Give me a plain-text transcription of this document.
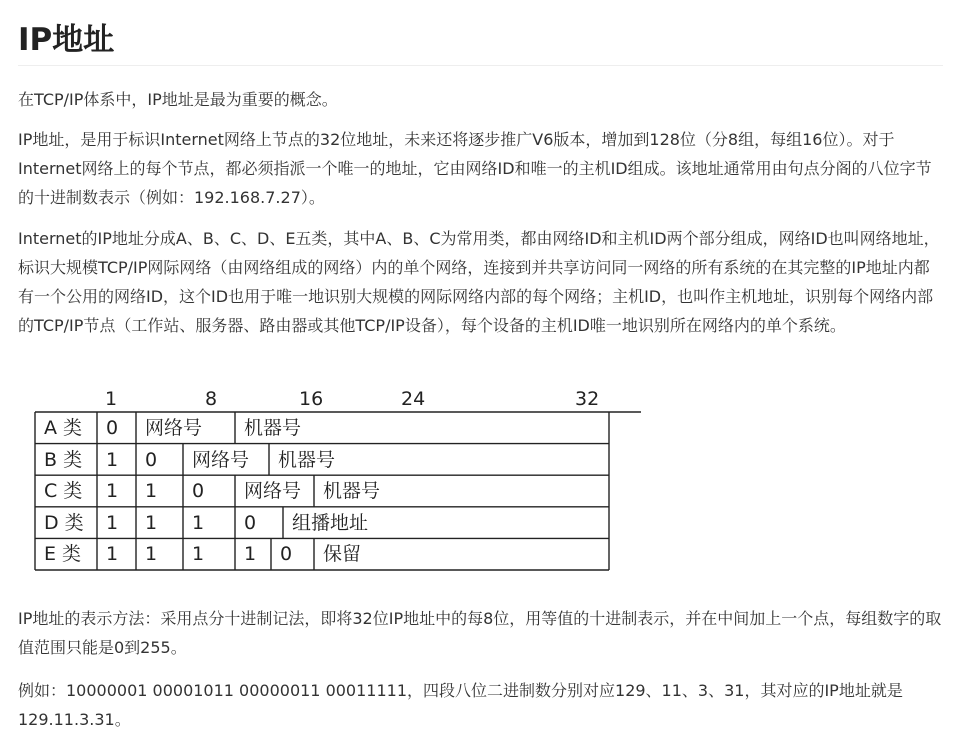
IP地址

在TCP/IP体系中，IP地址是最为重要的概念。

IP地址，是用于标识Internet网络上节点的32位地址，未来还将逐步推广V6版本，增加到128位（分8组，每组16位）。对于Internet网络上的每个节点，都必须指派一个唯一的地址，它由网络ID和唯一的主机ID组成。该地址通常用由句点分阁的八位字节的十进制数表示（例如：192.168.7.27）。

Internet的IP地址分成A、B、C、D、E五类，其中A、B、C为常用类，都由网络ID和主机ID两个部分组成，网络ID也叫网络地址，标识大规模TCP/IP网际网络（由网络组成的网络）内的单个网络，连接到并共享访问同一网络的所有系统的在其完整的IP地址内都有一个公用的网络ID，这个ID也用于唯一地识别大规模的网际网络内部的每个网络；主机ID，也叫作主机地址，识别每个网络内部的TCP/IP节点（工作站、服务器、路由器或其他TCP/IP设备），每个设备的主机ID唯一地识别所在网络内的单个系统。

1	8	16	24	32
A 类 0 网络号 机器号
B 类 1 0 网络号 机器号
C 类 1 1 0 网络号 机器号
D 类 1 1 1 0 组播地址
E 类 1 1 1 1 0 保留

IP地址的表示方法：采用点分十进制记法，即将32位IP地址中的每8位，用等值的十进制表示，并在中间加上一个点，每组数字的取值范围只能是0到255。

例如：10000001 00001011 00000011 00011111，四段八位二进制数分别对应129、11、3、31，其对应的IP地址就是129.11.3.31。
